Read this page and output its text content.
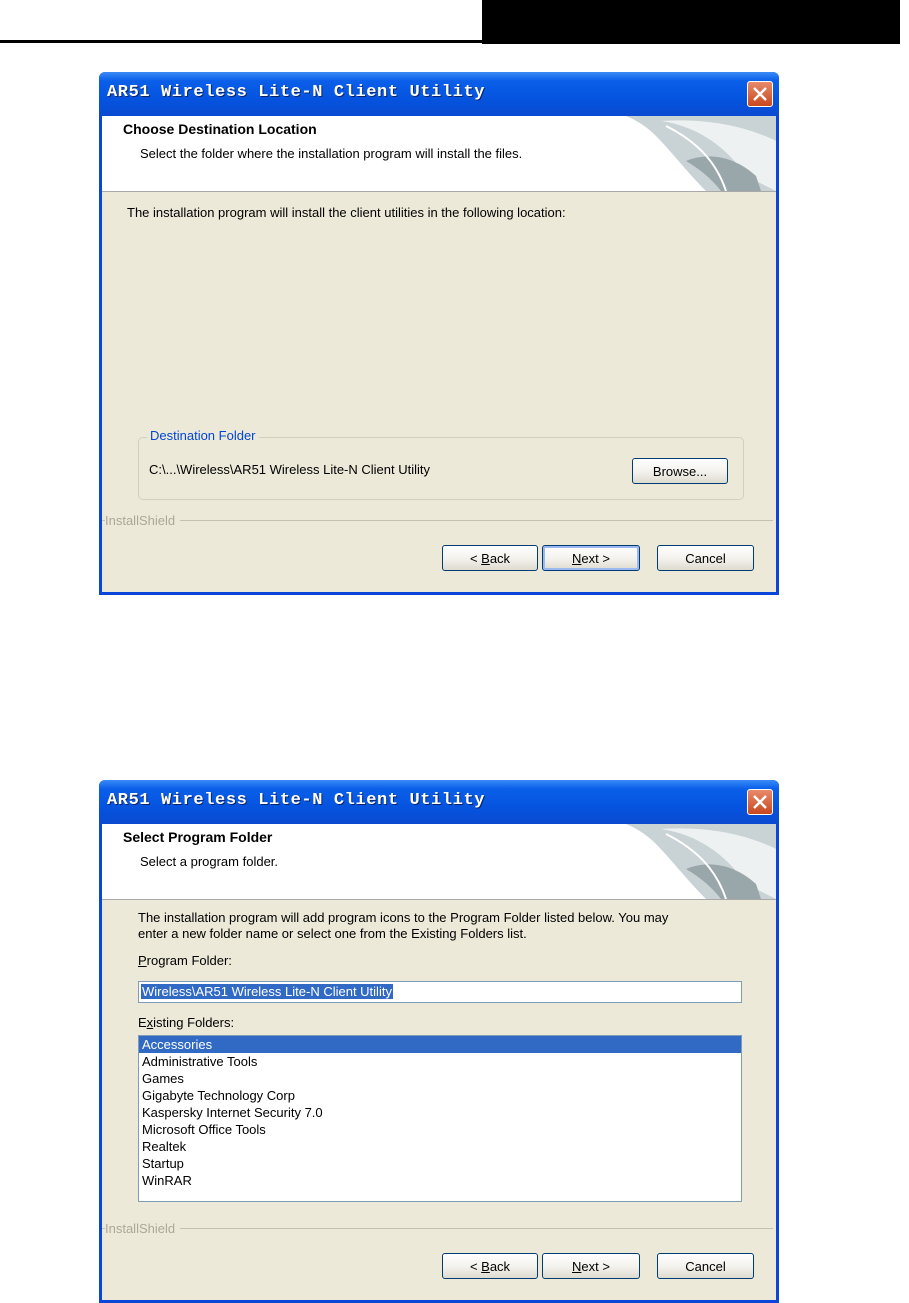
AR51 Wireless Lite-N Client Utility
Choose Destination Location
Select the folder where the installation program will install the files.
The installation program will install the client utilities in the following location:
Destination Folder
C:\...\Wireless\AR51 Wireless Lite-N Client Utility	Browse...
InstallShield
< B ack	N ext >	Cancel
AR51 Wireless Lite-N Client Utility
Select Program Folder
Select a program folder.
The installation program will add program icons to the Program Folder listed below. You may
enter a new folder name or select one from the Existing Folders list.
Program Folder:
Wireless\AR51 Wireless Lite-N Client Utility
Existing Folders:
Accessories
Administrative Tools
Games
Gigabyte Technology Corp
Kaspersky Internet Security 7.0
Microsoft Office Tools
Realtek
Startup
WinRAR
InstallShield
< B ack	N ext >	Cancel
